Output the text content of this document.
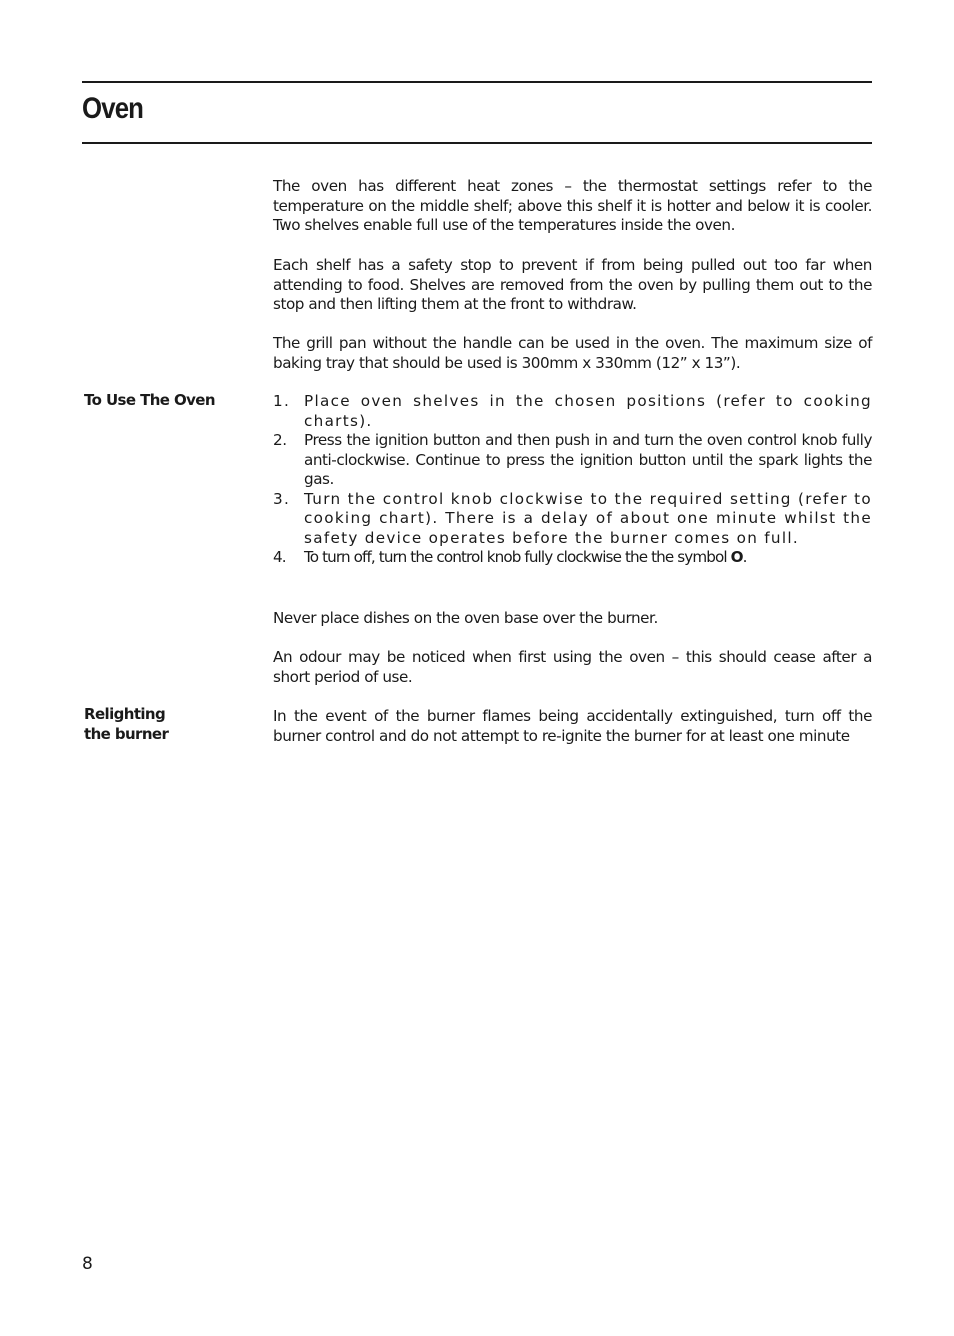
Oven

The oven has different heat zones – the thermostat settings refer to the temperature on the middle shelf; above this shelf it is hotter and below it is cooler. Two shelves enable full use of the temperatures inside the oven.

Each shelf has a safety stop to prevent if from being pulled out too far when attending to food. Shelves are removed from the oven by pulling them out to the stop and then lifting them at the front to withdraw.

The grill pan without the handle can be used in the oven. The maximum size of baking tray that should be used is 300mm x 330mm (12” x 13”).

To Use The Oven	1. Place oven shelves in the chosen positions (refer to cooking charts).
2. Press the ignition button and then push in and turn the oven control knob fully anti-clockwise. Continue to press the ignition button until the spark lights the gas.
3. Turn the control knob clockwise to the required setting (refer to cooking chart). There is a delay of about one minute whilst the safety device operates before the burner comes on full.
4. To turn off, turn the control knob fully clockwise the the symbol O.

Never place dishes on the oven base over the burner.

An odour may be noticed when first using the oven – this should cease after a short period of use.

Relighting
the burner

In the event of the burner flames being accidentally extinguished, turn off the burner control and do not attempt to re-ignite the burner for at least one minute

8
